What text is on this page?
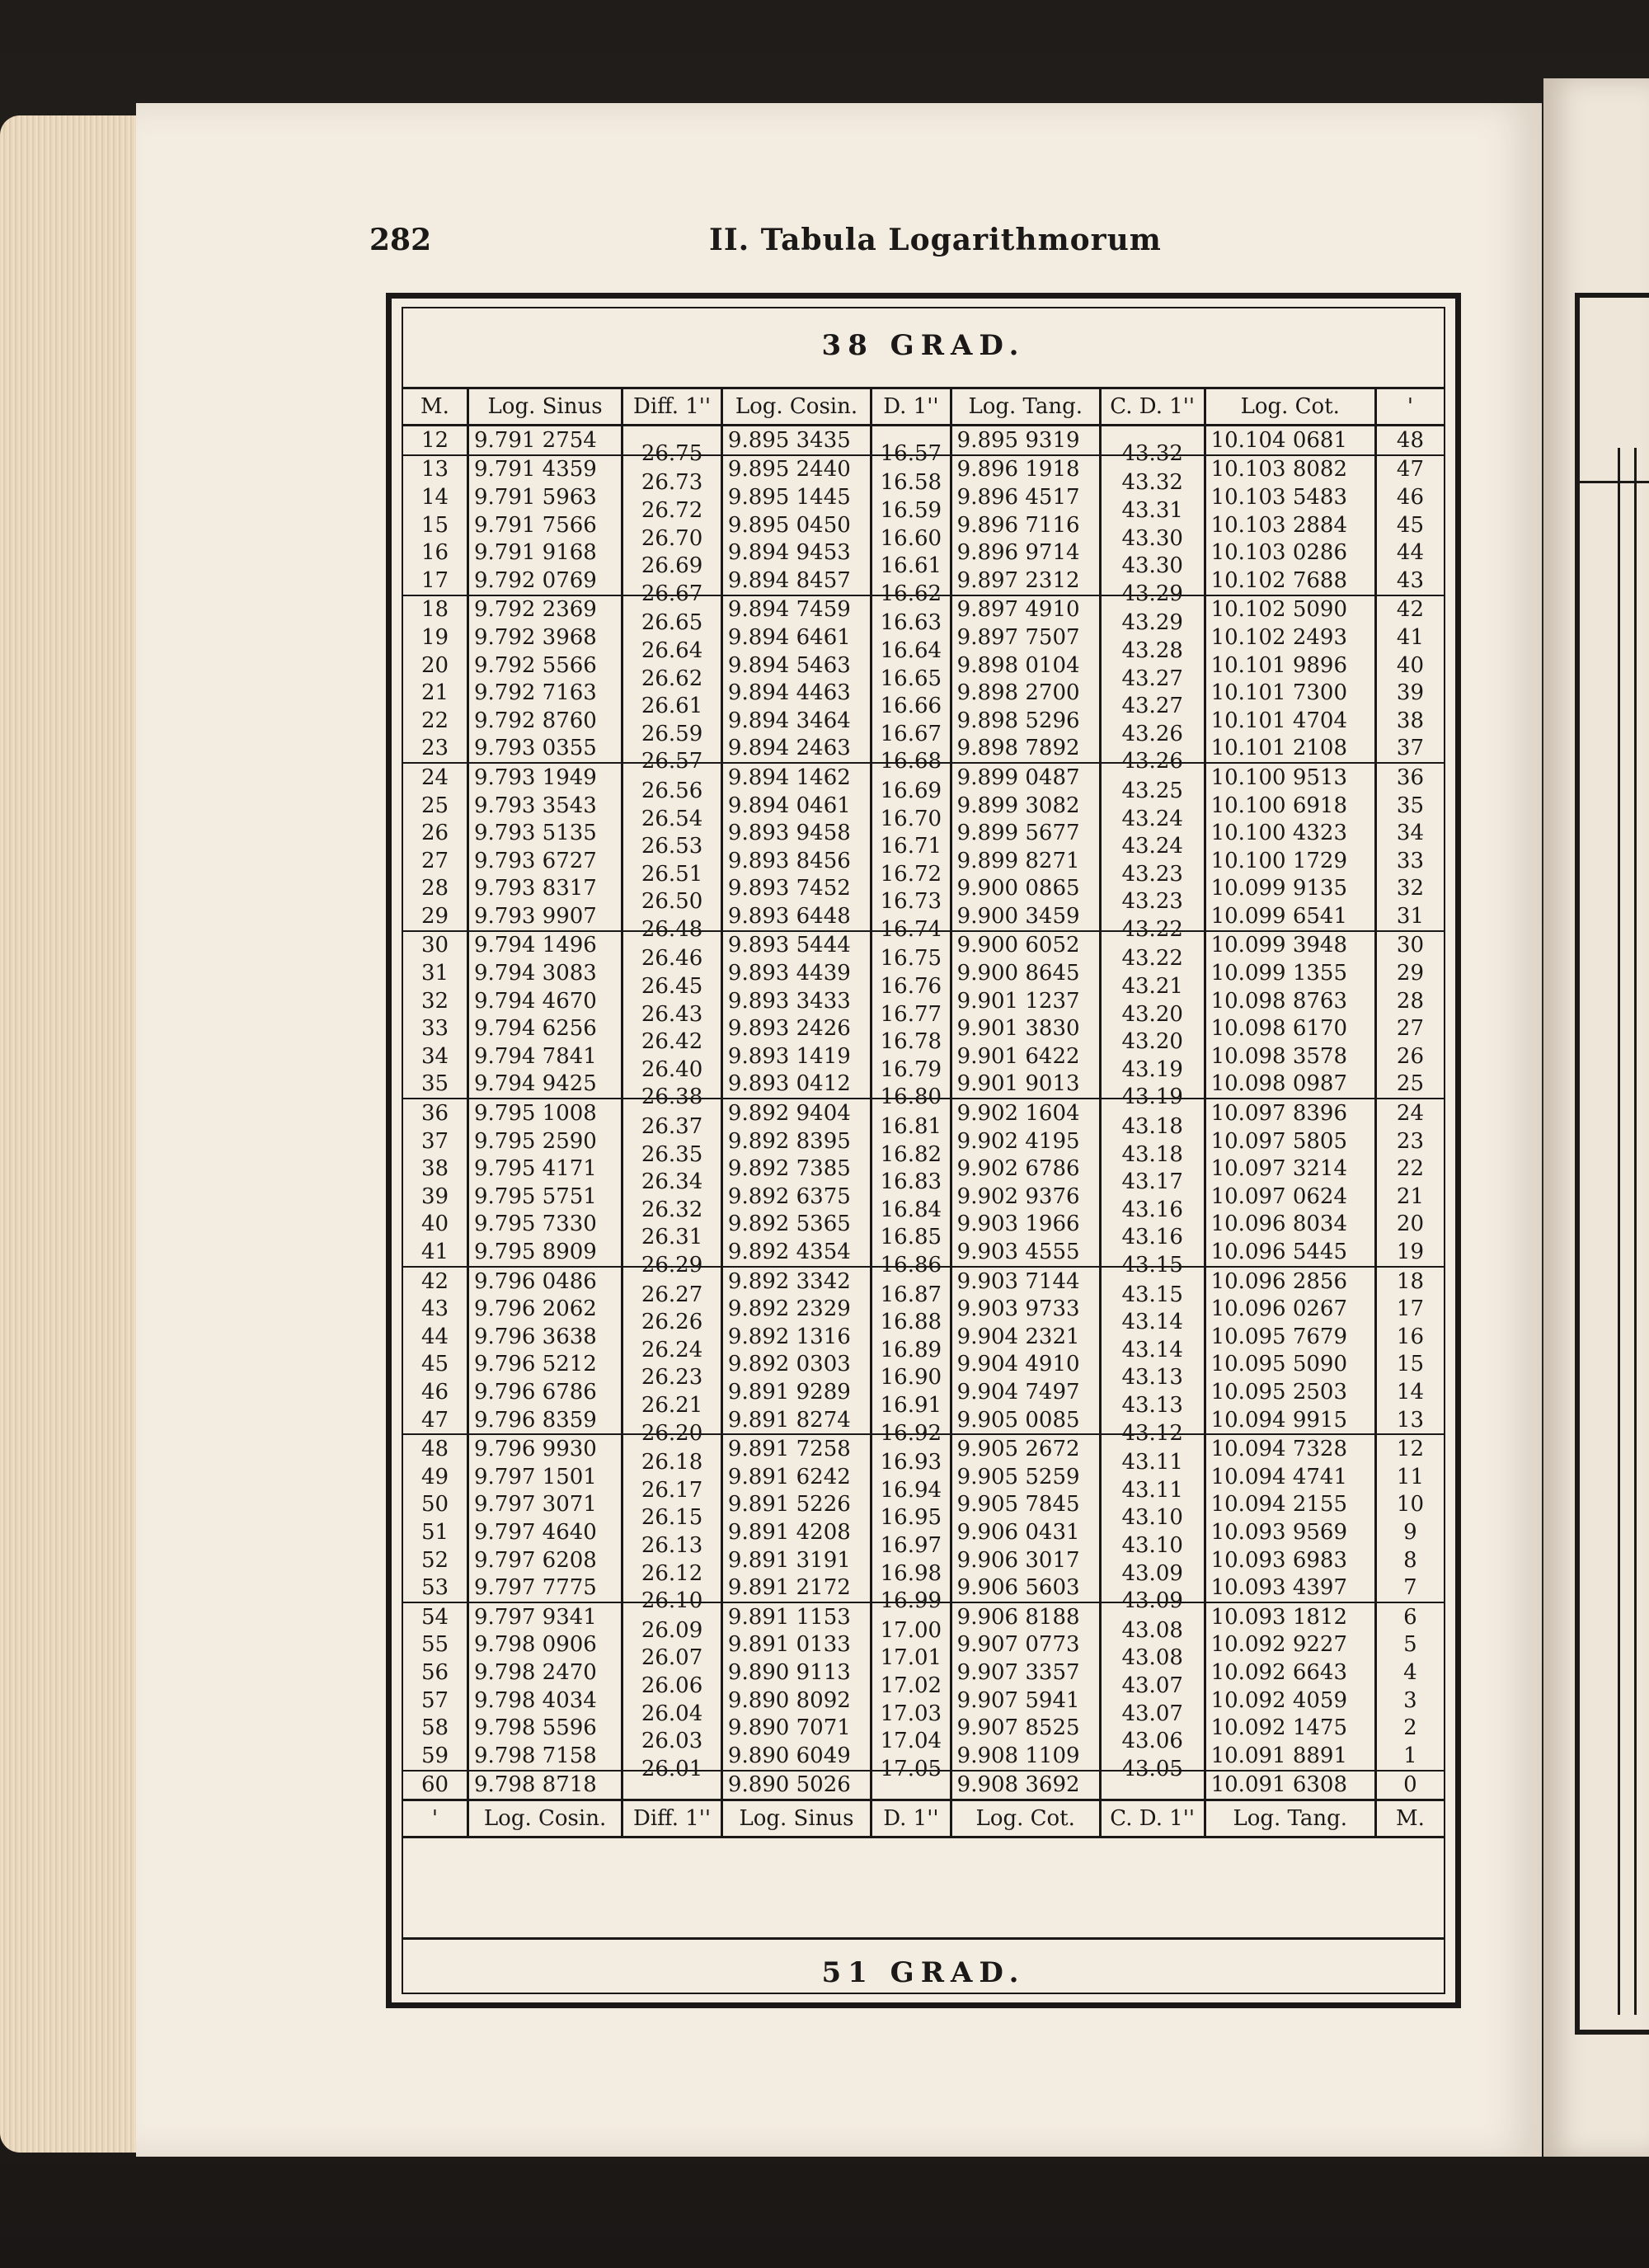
282	II. Tabula Logarithmorum
38 GRAD.
M.	Log. Sinus	Diff. 1''	Log. Cosin.	D. 1''	Log. Tang.	C. D. 1''	Log. Cot.	'
12	9.791 2754	26.75	9.895 3435	16.57	9.895 9319	43.32	10.104 0681	48
13	9.791 4359	26.73	9.895 2440	16.58	9.896 1918	43.32	10.103 8082	47
14	9.791 5963	26.72	9.895 1445	16.59	9.896 4517	43.31	10.103 5483	46
15	9.791 7566	26.70	9.895 0450	16.60	9.896 7116	43.30	10.103 2884	45
16	9.791 9168	26.69	9.894 9453	16.61	9.896 9714	43.30	10.103 0286	44
17	9.792 0769	26.67	9.894 8457	16.62	9.897 2312	43.29	10.102 7688	43
18	9.792 2369	26.65	9.894 7459	16.63	9.897 4910	43.29	10.102 5090	42
19	9.792 3968	26.64	9.894 6461	16.64	9.897 7507	43.28	10.102 2493	41
20	9.792 5566	26.62	9.894 5463	16.65	9.898 0104	43.27	10.101 9896	40
21	9.792 7163	26.61	9.894 4463	16.66	9.898 2700	43.27	10.101 7300	39
22	9.792 8760	26.59	9.894 3464	16.67	9.898 5296	43.26	10.101 4704	38
23	9.793 0355	26.57	9.894 2463	16.68	9.898 7892	43.26	10.101 2108	37
24	9.793 1949	26.56	9.894 1462	16.69	9.899 0487	43.25	10.100 9513	36
25	9.793 3543	26.54	9.894 0461	16.70	9.899 3082	43.24	10.100 6918	35
26	9.793 5135	26.53	9.893 9458	16.71	9.899 5677	43.24	10.100 4323	34
27	9.793 6727	26.51	9.893 8456	16.72	9.899 8271	43.23	10.100 1729	33
28	9.793 8317	26.50	9.893 7452	16.73	9.900 0865	43.23	10.099 9135	32
29	9.793 9907	26.48	9.893 6448	16.74	9.900 3459	43.22	10.099 6541	31
30	9.794 1496	26.46	9.893 5444	16.75	9.900 6052	43.22	10.099 3948	30
31	9.794 3083	26.45	9.893 4439	16.76	9.900 8645	43.21	10.099 1355	29
32	9.794 4670	26.43	9.893 3433	16.77	9.901 1237	43.20	10.098 8763	28
33	9.794 6256	26.42	9.893 2426	16.78	9.901 3830	43.20	10.098 6170	27
34	9.794 7841	26.40	9.893 1419	16.79	9.901 6422	43.19	10.098 3578	26
35	9.794 9425	26.38	9.893 0412	16.80	9.901 9013	43.19	10.098 0987	25
36	9.795 1008	26.37	9.892 9404	16.81	9.902 1604	43.18	10.097 8396	24
37	9.795 2590	26.35	9.892 8395	16.82	9.902 4195	43.18	10.097 5805	23
38	9.795 4171	26.34	9.892 7385	16.83	9.902 6786	43.17	10.097 3214	22
39	9.795 5751	26.32	9.892 6375	16.84	9.902 9376	43.16	10.097 0624	21
40	9.795 7330	26.31	9.892 5365	16.85	9.903 1966	43.16	10.096 8034	20
41	9.795 8909	26.29	9.892 4354	16.86	9.903 4555	43.15	10.096 5445	19
42	9.796 0486	26.27	9.892 3342	16.87	9.903 7144	43.15	10.096 2856	18
43	9.796 2062	26.26	9.892 2329	16.88	9.903 9733	43.14	10.096 0267	17
44	9.796 3638	26.24	9.892 1316	16.89	9.904 2321	43.14	10.095 7679	16
45	9.796 5212	26.23	9.892 0303	16.90	9.904 4910	43.13	10.095 5090	15
46	9.796 6786	26.21	9.891 9289	16.91	9.904 7497	43.13	10.095 2503	14
47	9.796 8359	26.20	9.891 8274	16.92	9.905 0085	43.12	10.094 9915	13
48	9.796 9930	26.18	9.891 7258	16.93	9.905 2672	43.11	10.094 7328	12
49	9.797 1501	26.17	9.891 6242	16.94	9.905 5259	43.11	10.094 4741	11
50	9.797 3071	26.15	9.891 5226	16.95	9.905 7845	43.10	10.094 2155	10
51	9.797 4640	26.13	9.891 4208	16.97	9.906 0431	43.10	10.093 9569	9
52	9.797 6208	26.12	9.891 3191	16.98	9.906 3017	43.09	10.093 6983	8
53	9.797 7775	26.10	9.891 2172	16.99	9.906 5603	43.09	10.093 4397	7
54	9.797 9341	26.09	9.891 1153	17.00	9.906 8188	43.08	10.093 1812	6
55	9.798 0906	26.07	9.891 0133	17.01	9.907 0773	43.08	10.092 9227	5
56	9.798 2470	26.06	9.890 9113	17.02	9.907 3357	43.07	10.092 6643	4
57	9.798 4034	26.04	9.890 8092	17.03	9.907 5941	43.07	10.092 4059	3
58	9.798 5596	26.03	9.890 7071	17.04	9.907 8525	43.06	10.092 1475	2
59	9.798 7158	26.01	9.890 6049	17.05	9.908 1109	43.05	10.091 8891	1
60	9.798 8718		9.890 5026		9.908 3692		10.091 6308	0
'	Log. Cosin.	Diff. 1''	Log. Sinus	D. 1''	Log. Cot.	C. D. 1''	Log. Tang.	M.
51 GRAD.
